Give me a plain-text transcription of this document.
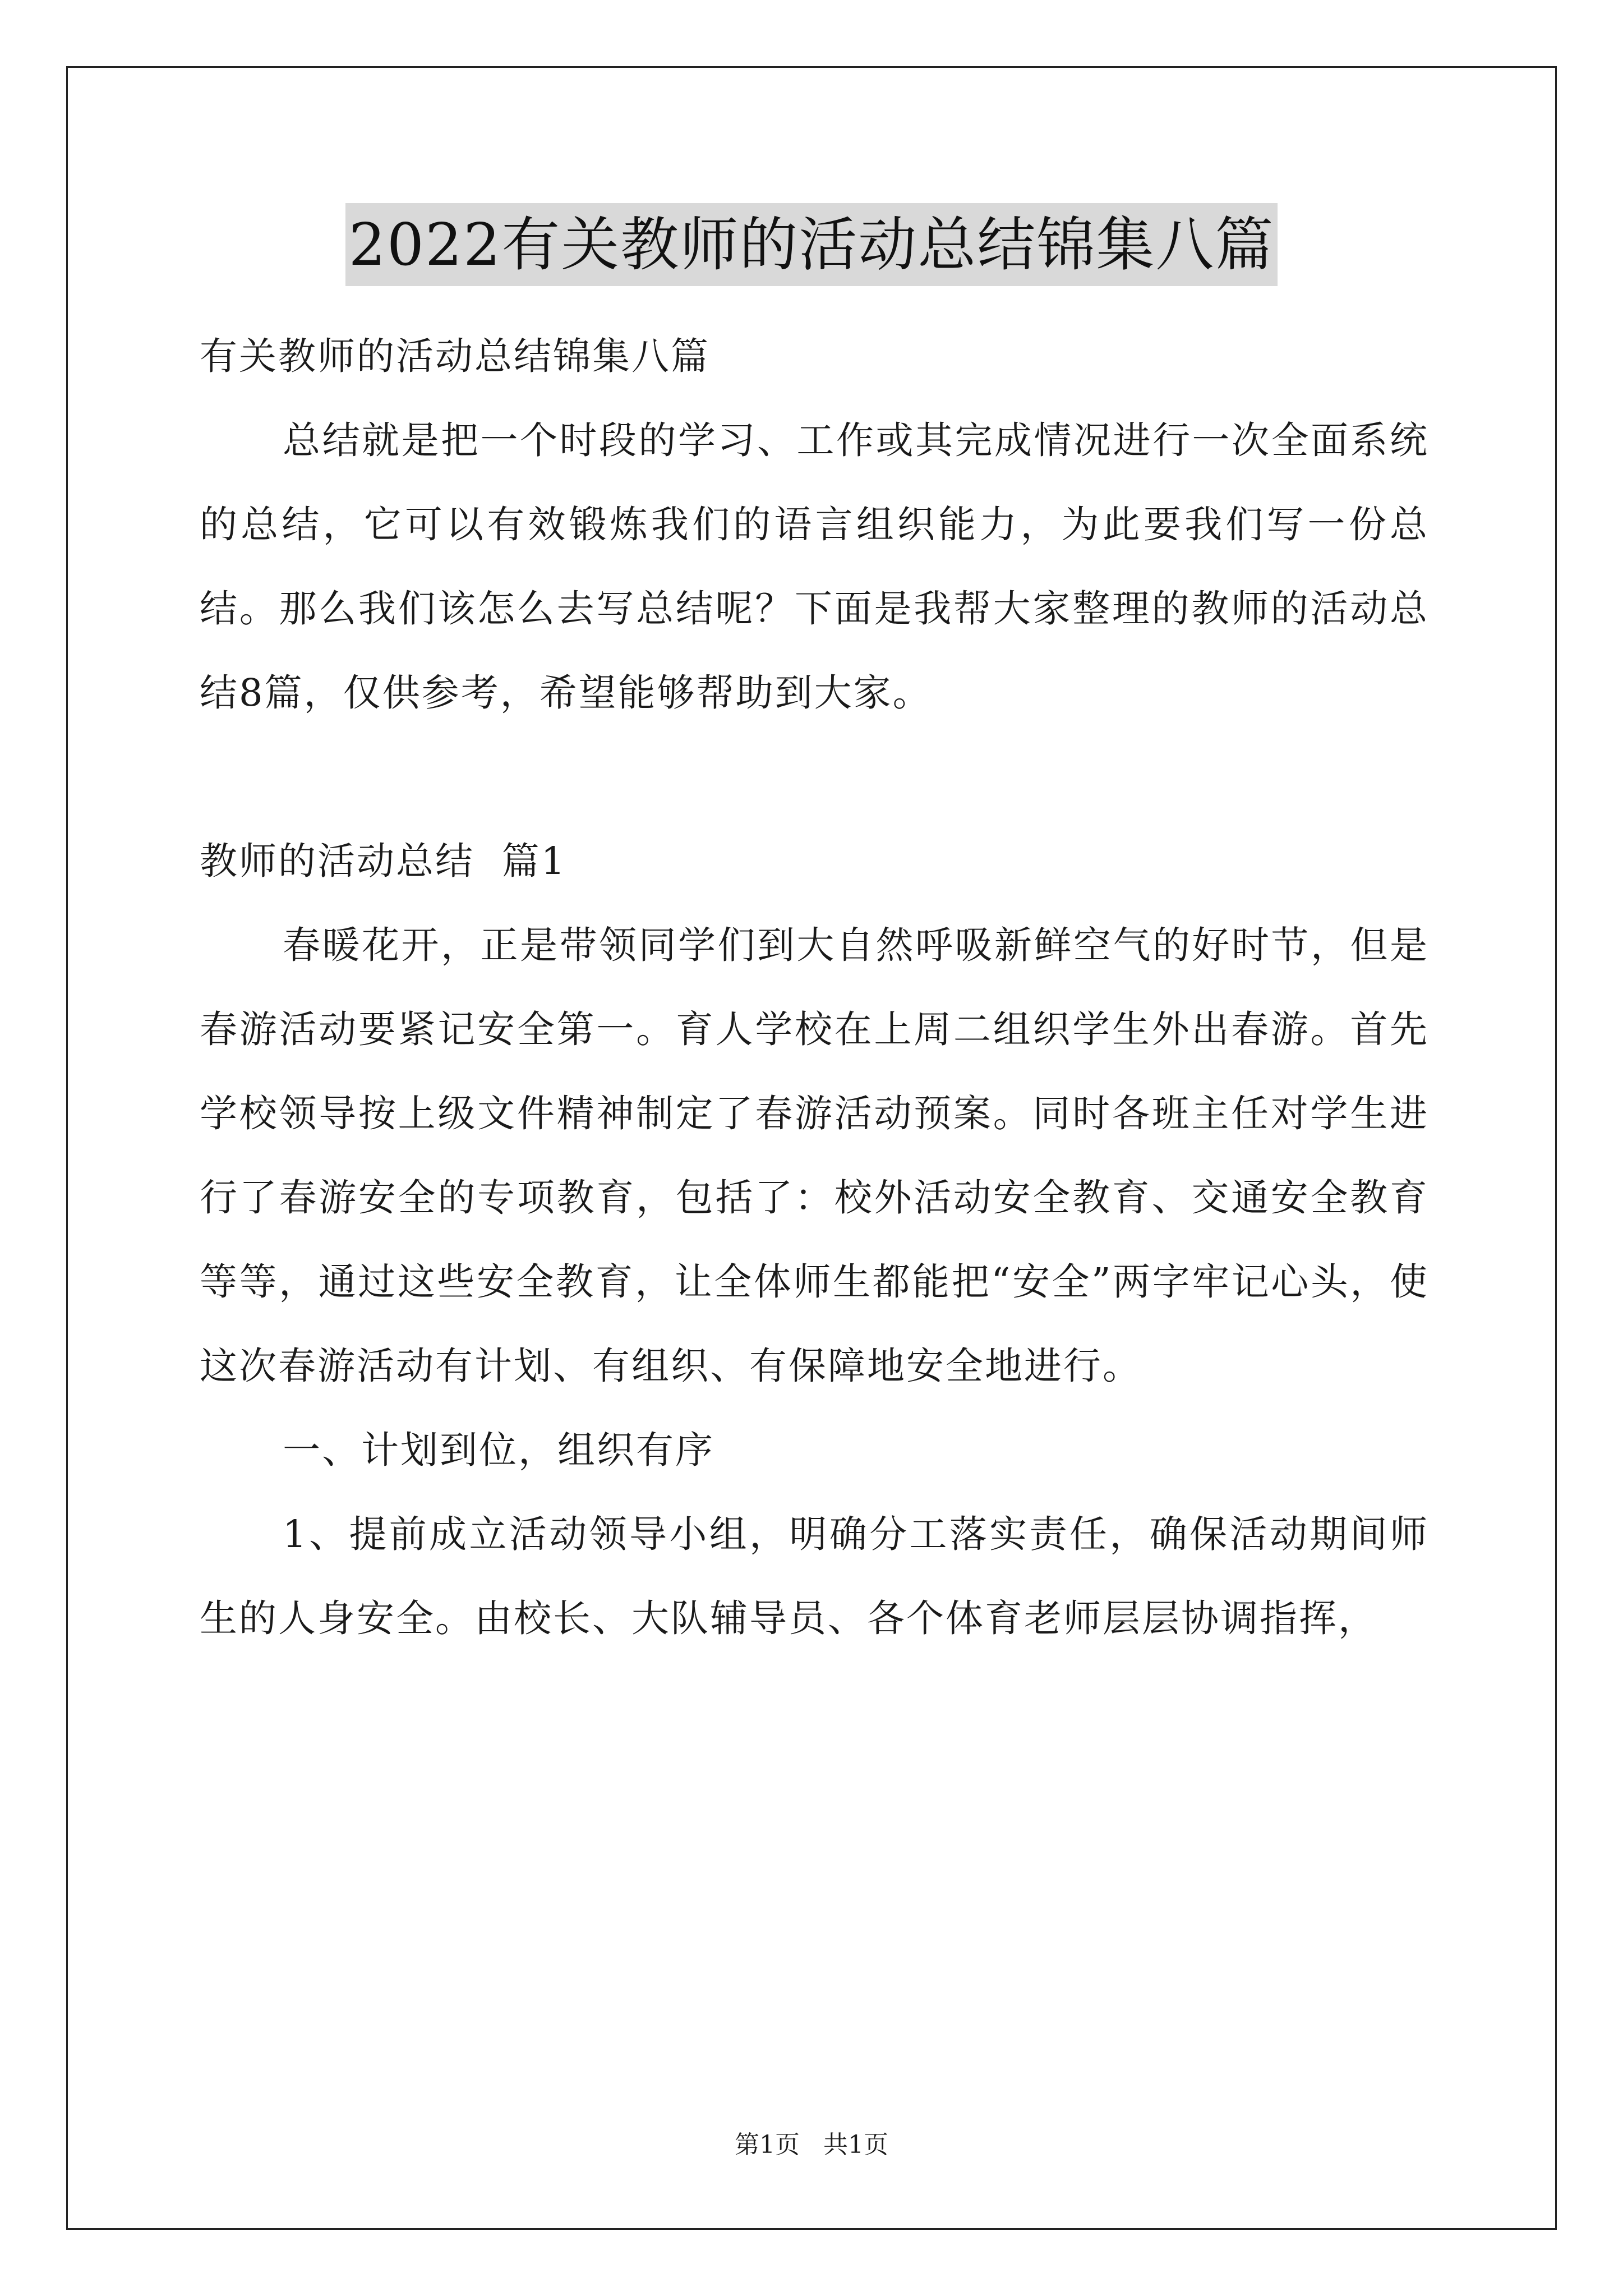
2022有关教师的活动总结锦集八篇

有关教师的活动总结锦集八篇

总结就是把一个时段的学习、工作或其完成情况进行一次全面系统的总结，它可以有效锻炼我们的语言组织能力，为此要我们写一份总结。那么我们该怎么去写总结呢？下面是我帮大家整理的教师的活动总结8篇，仅供参考，希望能够帮助到大家。

教师的活动总结  篇1

春暖花开，正是带领同学们到大自然呼吸新鲜空气的好时节，但是春游活动要紧记安全第一。育人学校在上周二组织学生外出春游。首先学校领导按上级文件精神制定了春游活动预案。同时各班主任对学生进行了春游安全的专项教育，包括了：校外活动安全教育、交通安全教育等等，通过这些安全教育，让全体师生都能把“安全”两字牢记心头，使这次春游活动有计划、有组织、有保障地安全地进行。

一、计划到位，组织有序

1、提前成立活动领导小组，明确分工落实责任，确保活动期间师生的人身安全。由校长、大队辅导员、各个体育老师层层协调指挥，

第1页   共1页
